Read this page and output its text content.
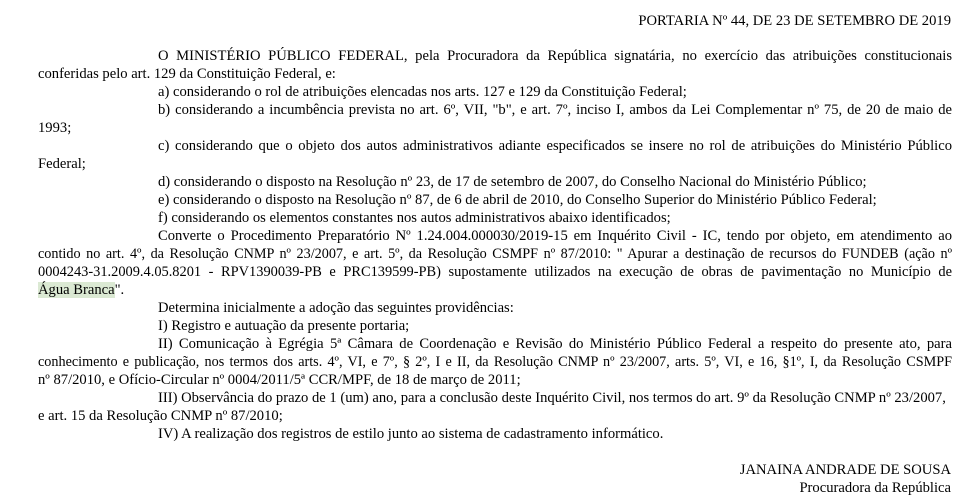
PORTARIA Nº 44, DE 23 DE SETEMBRO DE 2019
O MINISTÉRIO PÚBLICO FEDERAL, pela Procuradora da República signatária, no exercício das atribuições constitucionais
conferidas pelo art. 129 da Constituição Federal, e:
a) considerando o rol de atribuições elencadas nos arts. 127 e 129 da Constituição Federal;
b) considerando a incumbência prevista no art. 6º, VII, "b", e art. 7º, inciso I, ambos da Lei Complementar nº 75, de 20 de maio de
1993;
c) considerando que o objeto dos autos administrativos adiante especificados se insere no rol de atribuições do Ministério Público
Federal;
d) considerando o disposto na Resolução nº 23, de 17 de setembro de 2007, do Conselho Nacional do Ministério Público;
e) considerando o disposto na Resolução nº 87, de 6 de abril de 2010, do Conselho Superior do Ministério Público Federal;
f) considerando os elementos constantes nos autos administrativos abaixo identificados;
Converte o Procedimento Preparatório Nº 1.24.004.000030/2019-15 em Inquérito Civil - IC, tendo por objeto, em atendimento ao
contido no art. 4º, da Resolução CNMP nº 23/2007, e art. 5º, da Resolução CSMPF nº 87/2010: " Apurar a destinação de recursos do FUNDEB (ação nº
0004243-31.2009.4.05.8201 - RPV1390039-PB e PRC139599-PB) supostamente utilizados na execução de obras de pavimentação no Município de
Água Branca".
Determina inicialmente a adoção das seguintes providências:
I) Registro e autuação da presente portaria;
II) Comunicação à Egrégia 5ª Câmara de Coordenação e Revisão do Ministério Público Federal a respeito do presente ato, para
conhecimento e publicação, nos termos dos arts. 4º, VI, e 7º, § 2º, I e II, da Resolução CNMP nº 23/2007, arts. 5º, VI, e 16, §1º, I, da Resolução CSMPF
nº 87/2010, e Ofício-Circular nº 0004/2011/5ª CCR/MPF, de 18 de março de 2011;
III) Observância do prazo de 1 (um) ano, para a conclusão deste Inquérito Civil, nos termos do art. 9º da Resolução CNMP nº 23/2007,
e art. 15 da Resolução CNMP nº 87/2010;
IV) A realização dos registros de estilo junto ao sistema de cadastramento informático.
JANAINA ANDRADE DE SOUSA
Procuradora da República
